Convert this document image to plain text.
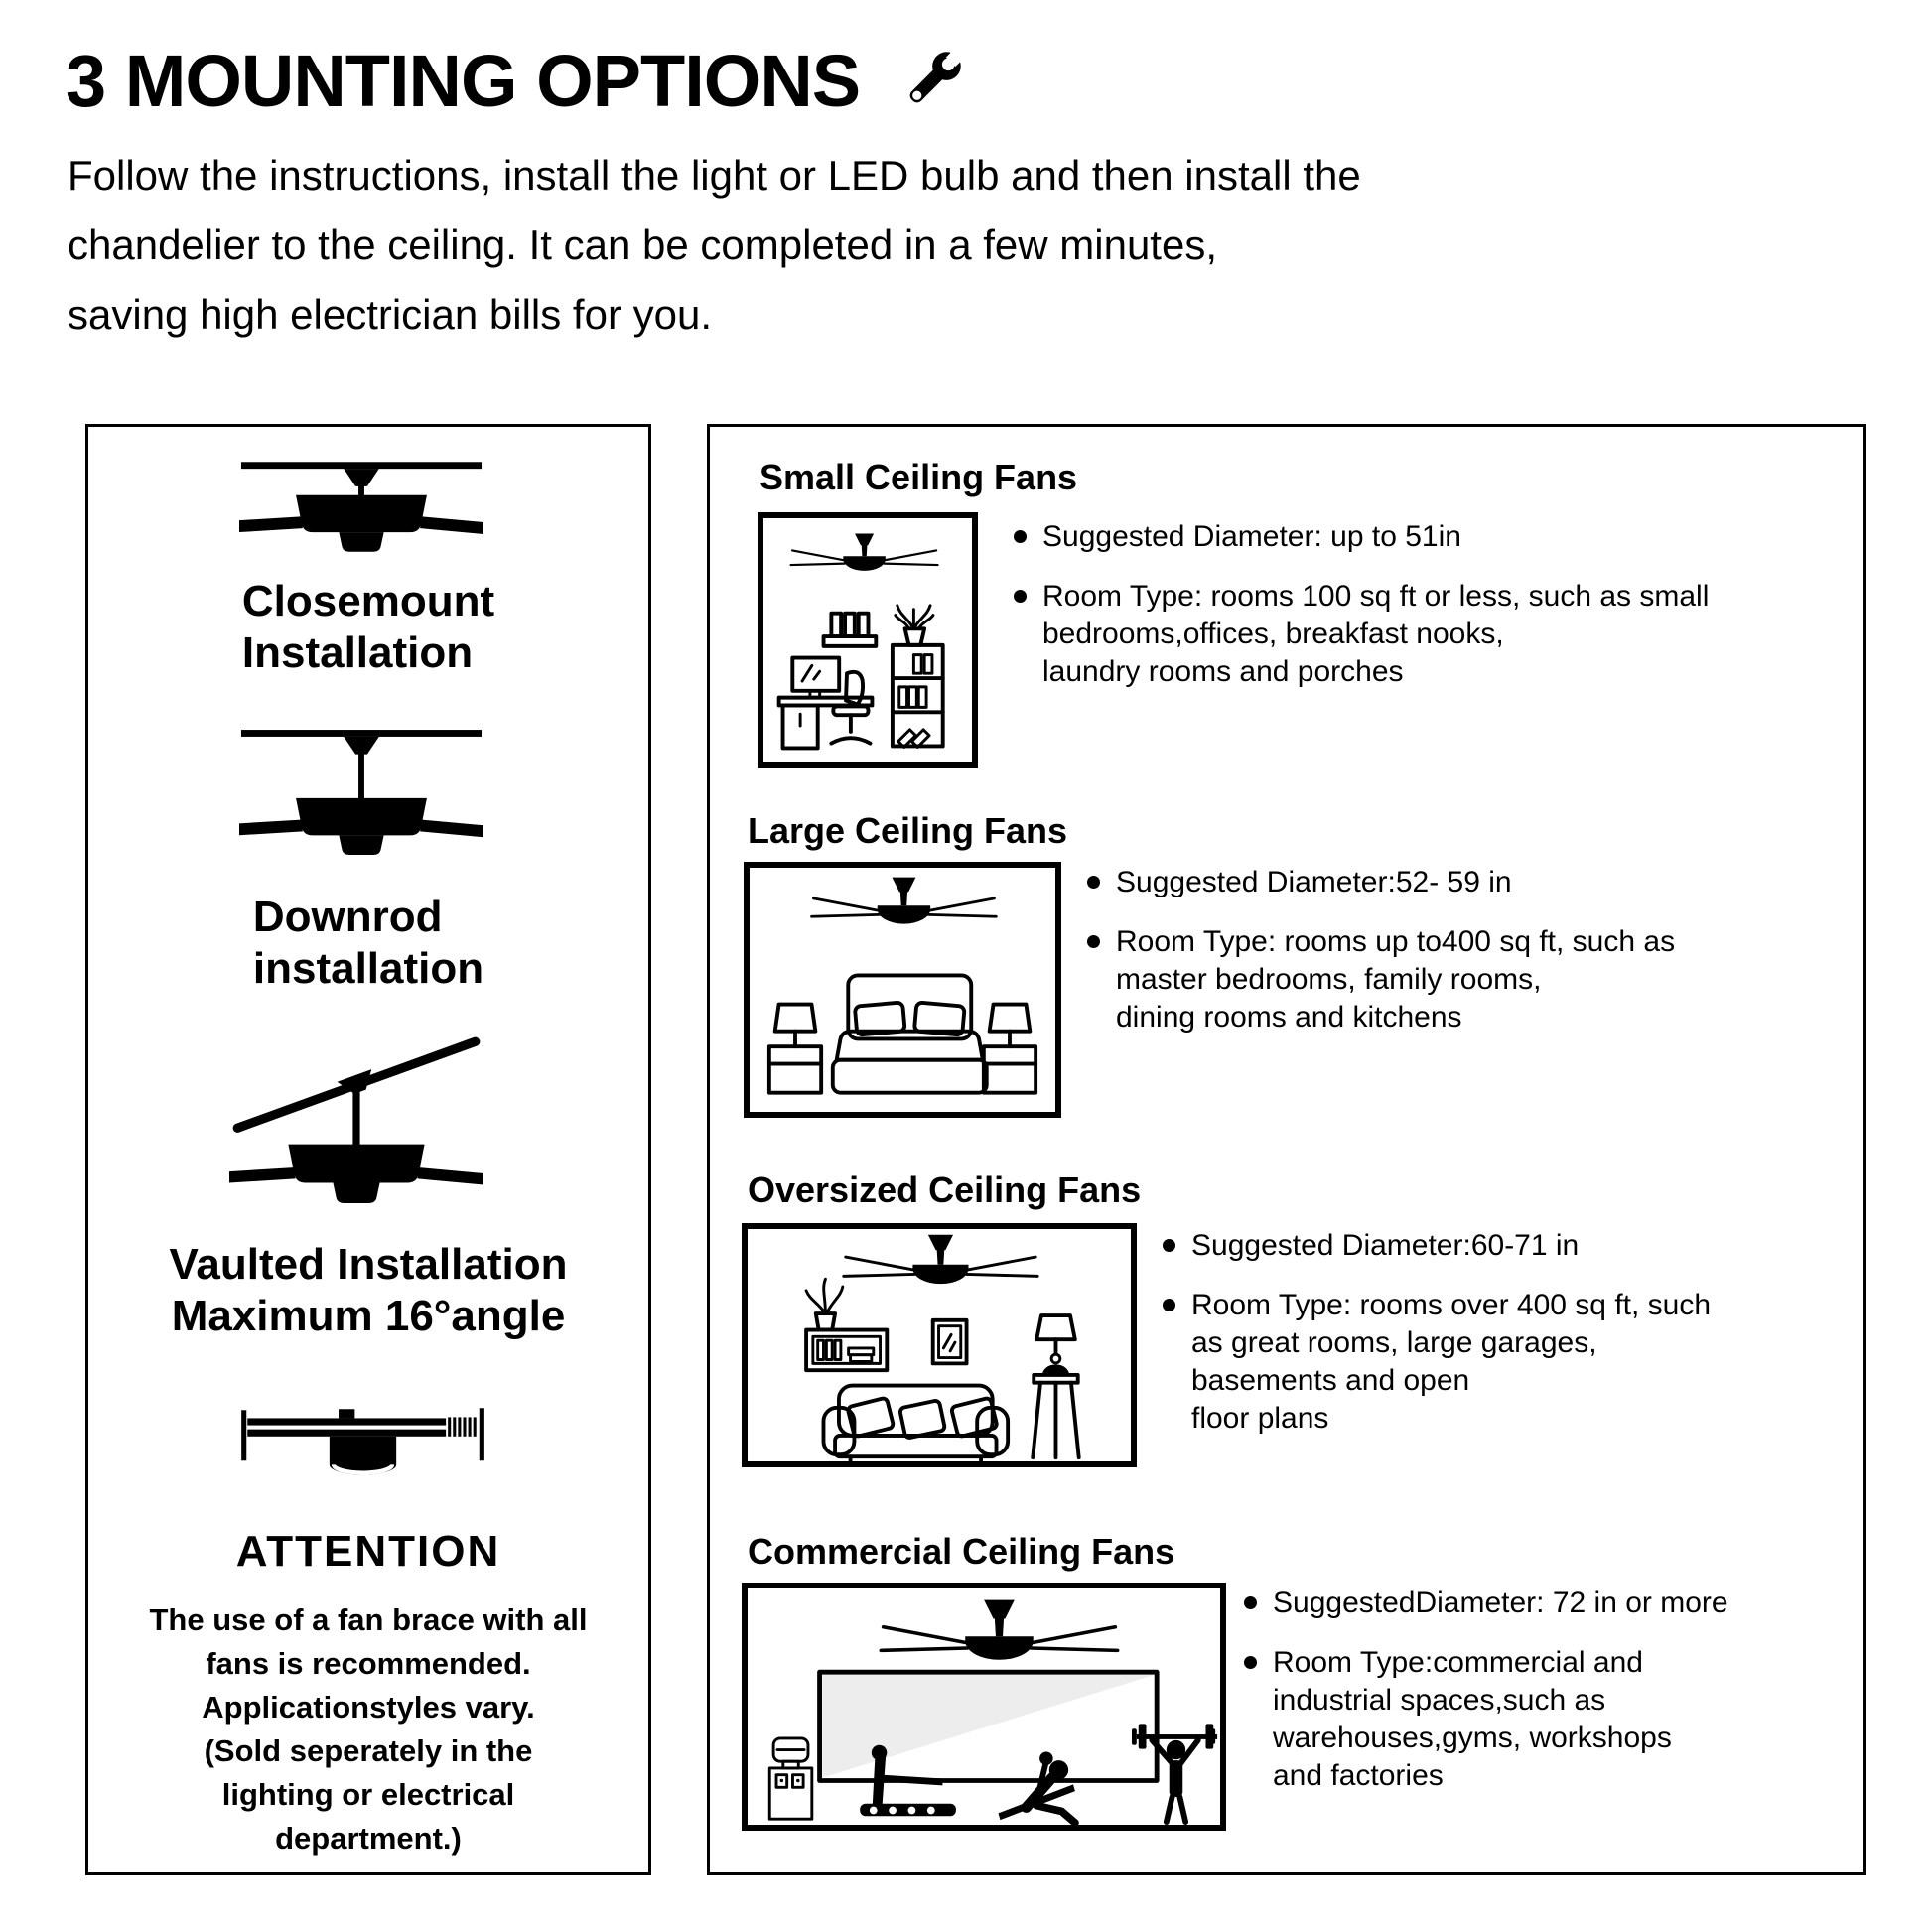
3 MOUNTING OPTIONS
Follow the instructions, install the light or LED bulb and then install the
chandelier to the ceiling. It can be completed in a few minutes,
saving high electrician bills for you.
Closemount
Installation
Downrod
installation
Vaulted Installation
Maximum 16°angle
ATTENTION
The use of a fan brace with all
fans is recommended.
Applicationstyles vary.
(Sold seperately in the
lighting or electrical
department.)
Small Ceiling Fans
Suggested Diameter: up to 51in
Room Type: rooms 100 sq ft or less, such as small
bedrooms,offices, breakfast nooks,
laundry rooms and porches
Large Ceiling Fans
Suggested Diameter:52- 59 in
Room Type: rooms up to400 sq ft, such as
master bedrooms, family rooms,
dining rooms and kitchens
Oversized Ceiling Fans
Suggested Diameter:60-71 in
Room Type: rooms over 400 sq ft, such
as great rooms, large garages,
basements and open
floor plans
Commercial Ceiling Fans
SuggestedDiameter: 72 in or more
Room Type:commercial and
industrial spaces,such as
warehouses,gyms, workshops
and factories
